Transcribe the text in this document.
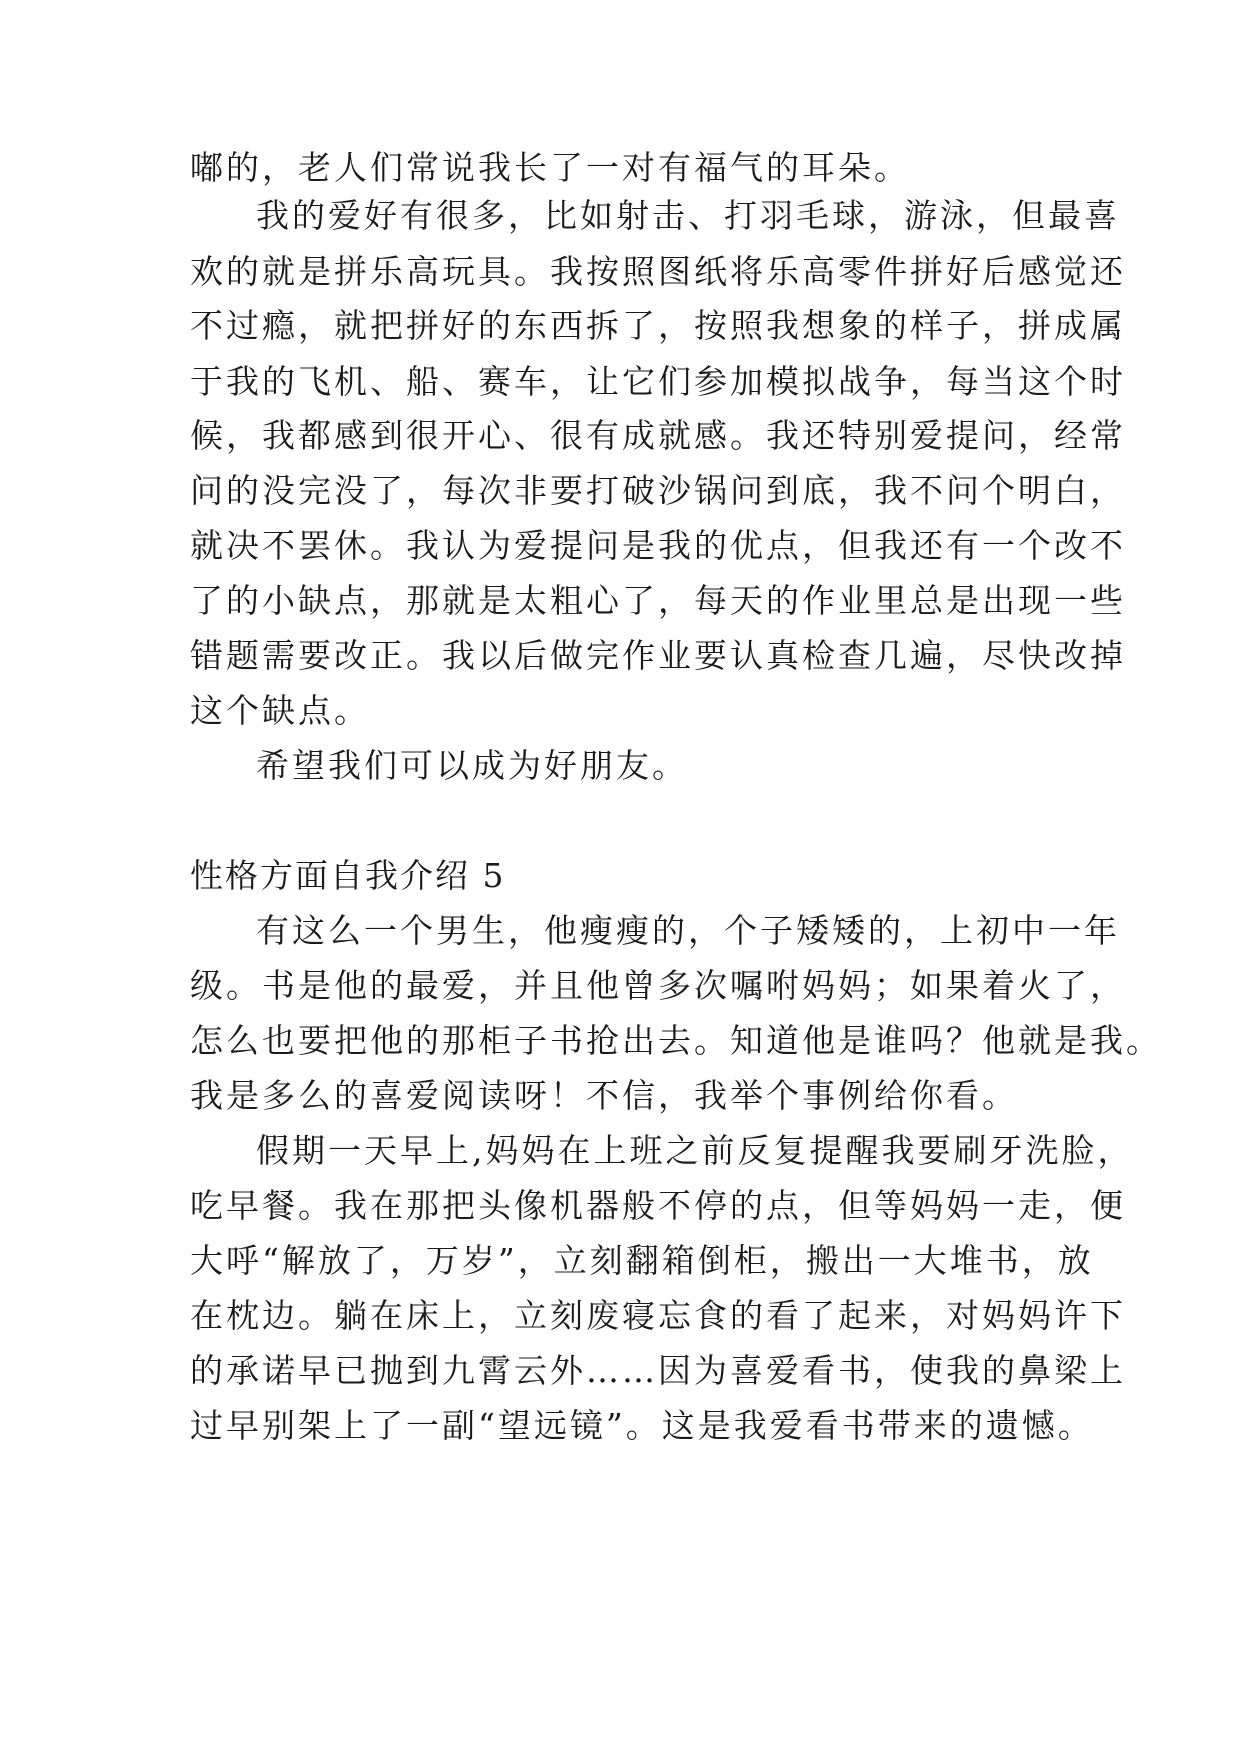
嘟的，老人们常说我长了一对有福气的耳朵。

我的爱好有很多，比如射击、打羽毛球，游泳，但最喜

欢的就是拼乐高玩具。我按照图纸将乐高零件拼好后感觉还

不过瘾，就把拼好的东西拆了，按照我想象的样子，拼成属

于我的飞机、船、赛车，让它们参加模拟战争，每当这个时

候，我都感到很开心、很有成就感。我还特别爱提问，经常

问的没完没了，每次非要打破沙锅问到底，我不问个明白，

就决不罢休。我认为爱提问是我的优点，但我还有一个改不

了的小缺点，那就是太粗心了，每天的作业里总是出现一些

错题需要改正。我以后做完作业要认真检查几遍，尽快改掉

这个缺点。

希望我们可以成为好朋友。

性格方面自我介绍 5

有这么一个男生，他瘦瘦的，个子矮矮的，上初中一年

级。书是他的最爱，并且他曾多次嘱咐妈妈；如果着火了，

怎么也要把他的那柜子书抢出去。知道他是谁吗？他就是我。

我是多么的喜爱阅读呀！不信，我举个事例给你看。

假期一天早上,妈妈在上班之前反复提醒我要刷牙洗脸，

吃早餐。我在那把头像机器般不停的点，但等妈妈一走，便

大呼“解放了，万岁”，立刻翻箱倒柜，搬出一大堆书，放

在枕边。躺在床上，立刻废寝忘食的看了起来，对妈妈许下

的承诺早已抛到九霄云外……因为喜爱看书，使我的鼻梁上

过早别架上了一副“望远镜”。这是我爱看书带来的遗憾。
